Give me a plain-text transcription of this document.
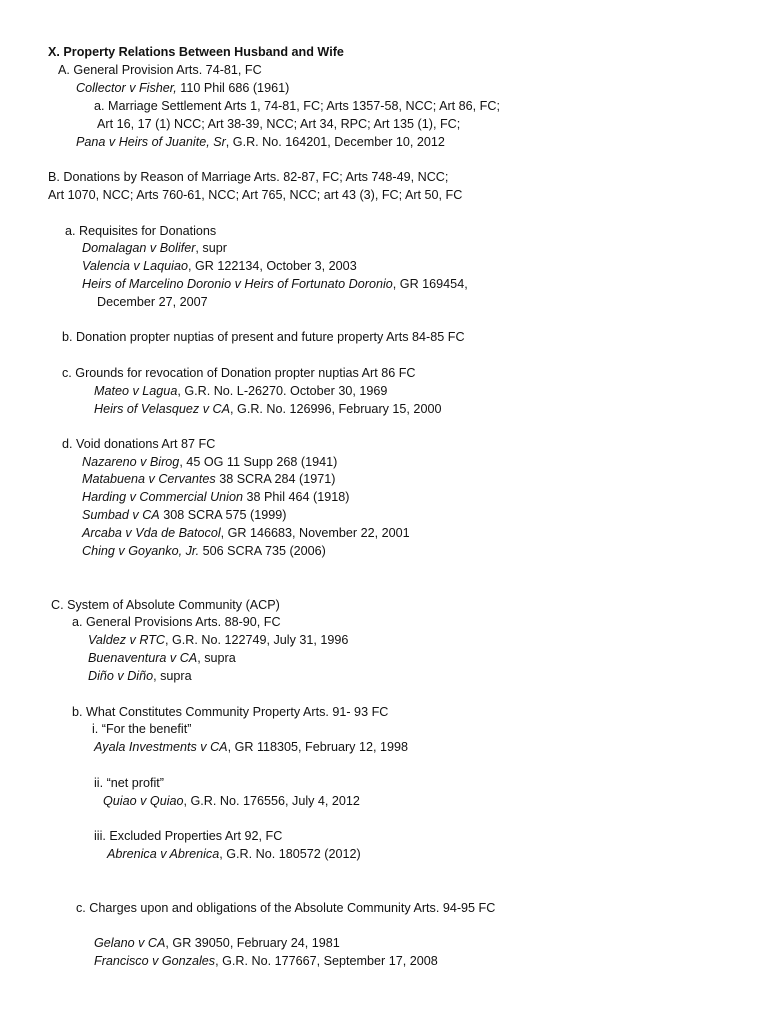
X. Property Relations Between Husband and Wife
A. General Provision Arts. 74-81, FC
Collector v Fisher, 110 Phil 686 (1961)
a. Marriage Settlement Arts 1, 74-81, FC; Arts 1357-58, NCC; Art 86, FC;
Art 16, 17 (1) NCC; Art 38-39, NCC; Art 34, RPC; Art 135 (1), FC;
Pana v Heirs of Juanite, Sr, G.R. No. 164201, December 10, 2012
B. Donations by Reason of Marriage Arts. 82-87, FC; Arts 748-49, NCC;
Art 1070, NCC; Arts 760-61, NCC; Art 765, NCC; art 43 (3), FC; Art 50, FC
a. Requisites for Donations
Domalagan v Bolifer, supr
Valencia v Laquiao, GR 122134, October 3, 2003
Heirs of Marcelino Doronio v Heirs of Fortunato Doronio, GR 169454,
December 27, 2007
b. Donation propter nuptias of present and future property Arts 84-85 FC
c. Grounds for revocation of Donation propter nuptias Art 86 FC
Mateo v Lagua, G.R. No. L-26270. October 30, 1969
Heirs of Velasquez v CA, G.R. No. 126996, February 15, 2000
d. Void donations Art 87 FC
Nazareno v Birog, 45 OG 11 Supp 268 (1941)
Matabuena v Cervantes 38 SCRA 284 (1971)
Harding v Commercial Union 38 Phil 464 (1918)
Sumbad v CA 308 SCRA 575 (1999)
Arcaba v Vda de Batocol, GR 146683, November 22, 2001
Ching v Goyanko, Jr. 506 SCRA 735 (2006)
C. System of Absolute Community (ACP)
a. General Provisions Arts. 88-90, FC
Valdez v RTC, G.R. No. 122749, July 31, 1996
Buenaventura v CA, supra
Diño v Diño, supra
b. What Constitutes Community Property Arts. 91- 93 FC
i. “For the benefit”
Ayala Investments v CA, GR 118305, February 12, 1998
ii. “net profit”
Quiao v Quiao, G.R. No. 176556, July 4, 2012
iii. Excluded Properties Art 92, FC
Abrenica v Abrenica, G.R. No. 180572 (2012)
c. Charges upon and obligations of the Absolute Community Arts. 94-95 FC
Gelano v CA, GR 39050, February 24, 1981
Francisco v Gonzales, G.R. No. 177667, September 17, 2008
